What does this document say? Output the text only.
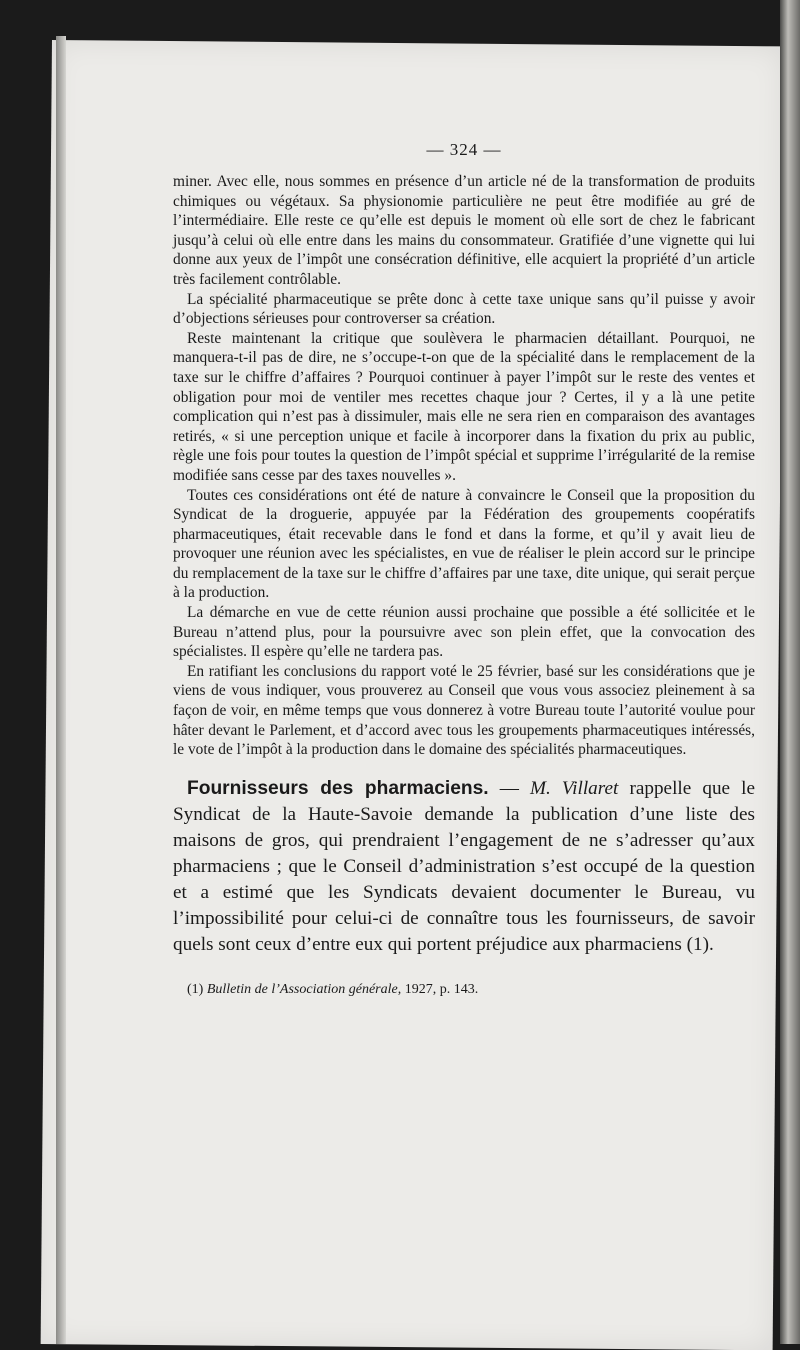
— 324 —

miner. Avec elle, nous sommes en présence d’un article né de la transformation de produits chimiques ou végétaux. Sa physionomie particulière ne peut être modifiée au gré de l’intermédiaire. Elle reste ce qu’elle est depuis le moment où elle sort de chez le fabricant jusqu’à celui où elle entre dans les mains du consommateur. Gratifiée d’une vignette qui lui donne aux yeux de l’impôt une consécration définitive, elle acquiert la propriété d’un article très facilement contrôlable.

La spécialité pharmaceutique se prête donc à cette taxe unique sans qu’il puisse y avoir d’objections sérieuses pour controverser sa création.

Reste maintenant la critique que soulèvera le pharmacien détaillant. Pourquoi, ne manquera-t-il pas de dire, ne s’occupe-t-on que de la spécialité dans le remplacement de la taxe sur le chiffre d’affaires ? Pourquoi continuer à payer l’impôt sur le reste des ventes et obligation pour moi de ventiler mes recettes chaque jour ? Certes, il y a là une petite complication qui n’est pas à dissimuler, mais elle ne sera rien en comparaison des avantages retirés, « si une perception unique et facile à incorporer dans la fixation du prix au public, règle une fois pour toutes la question de l’impôt spécial et supprime l’irrégularité de la remise modifiée sans cesse par des taxes nouvelles ».

Toutes ces considérations ont été de nature à convaincre le Conseil que la proposition du Syndicat de la droguerie, appuyée par la Fédération des groupements coopératifs pharmaceutiques, était recevable dans le fond et dans la forme, et qu’il y avait lieu de provoquer une réunion avec les spécialistes, en vue de réaliser le plein accord sur le principe du remplacement de la taxe sur le chiffre d’affaires par une taxe, dite unique, qui serait perçue à la production.

La démarche en vue de cette réunion aussi prochaine que possible a été sollicitée et le Bureau n’attend plus, pour la poursuivre avec son plein effet, que la convocation des spécialistes. Il espère qu’elle ne tardera pas.

En ratifiant les conclusions du rapport voté le 25 février, basé sur les considérations que je viens de vous indiquer, vous prouverez au Conseil que vous vous associez pleinement à sa façon de voir, en même temps que vous donnerez à votre Bureau toute l’autorité voulue pour hâter devant le Parlement, et d’accord avec tous les groupements pharmaceutiques intéressés, le vote de l’impôt à la production dans le domaine des spécialités pharmaceutiques.

Fournisseurs des pharmaciens. — M. Villaret rappelle que le Syndicat de la Haute-Savoie demande la publication d’une liste des maisons de gros, qui prendraient l’engagement de ne s’adresser qu’aux pharmaciens ; que le Conseil d’administration s’est occupé de la question et a estimé que les Syndicats devaient documenter le Bureau, vu l’impossibilité pour celui-ci de connaître tous les fournisseurs, de savoir quels sont ceux d’entre eux qui portent préjudice aux pharmaciens (1).

(1) Bulletin de l’Association générale, 1927, p. 143.
